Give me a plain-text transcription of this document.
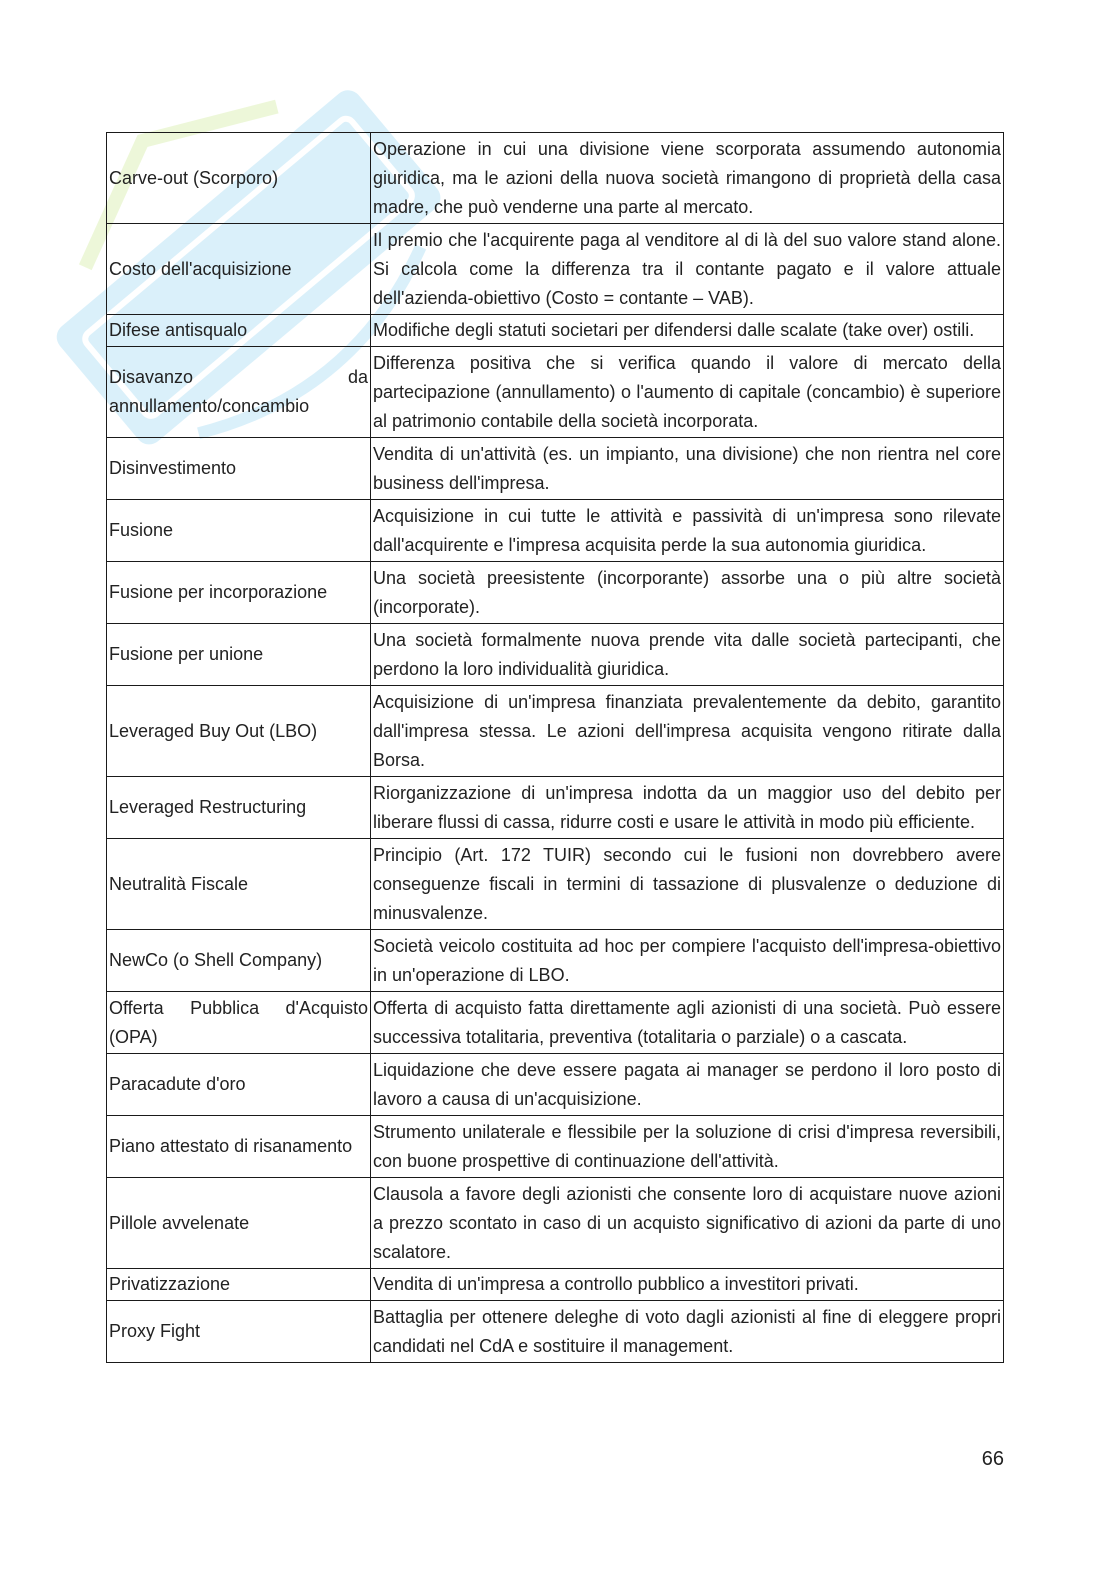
Carve-out (Scorporo)	Operazione in cui una divisione viene scorporata assumendo autonomia giuridica, ma le azioni della nuova società rimangono di proprietà della casa madre, che può venderne una parte al mercato.
Costo dell'acquisizione	Il premio che l'acquirente paga al venditore al di là del suo valore stand alone. Si calcola come la differenza tra il contante pagato e il valore attuale dell'azienda-obiettivo (Costo = contante – VAB).
Difese antisqualo	Modifiche degli statuti societari per difendersi dalle scalate (take over) ostili.
Disavanzo da annullamento/concambio	Differenza positiva che si verifica quando il valore di mercato della partecipazione (annullamento) o l'aumento di capitale (concambio) è superiore al patrimonio contabile della società incorporata.
Disinvestimento	Vendita di un'attività (es. un impianto, una divisione) che non rientra nel core business dell'impresa.
Fusione	Acquisizione in cui tutte le attività e passività di un'impresa sono rilevate dall'acquirente e l'impresa acquisita perde la sua autonomia giuridica.
Fusione per incorporazione	Una società preesistente (incorporante) assorbe una o più altre società (incorporate).
Fusione per unione	Una società formalmente nuova prende vita dalle società partecipanti, che perdono la loro individualità giuridica.
Leveraged Buy Out (LBO)	Acquisizione di un'impresa finanziata prevalentemente da debito, garantito dall'impresa stessa. Le azioni dell'impresa acquisita vengono ritirate dalla Borsa.
Leveraged Restructuring	Riorganizzazione di un'impresa indotta da un maggior uso del debito per liberare flussi di cassa, ridurre costi e usare le attività in modo più efficiente.
Neutralità Fiscale	Principio (Art. 172 TUIR) secondo cui le fusioni non dovrebbero avere conseguenze fiscali in termini di tassazione di plusvalenze o deduzione di minusvalenze.
NewCo (o Shell Company)	Società veicolo costituita ad hoc per compiere l'acquisto dell'impresa-obiettivo in un'operazione di LBO.
Offerta Pubblica d'Acquisto (OPA)	Offerta di acquisto fatta direttamente agli azionisti di una società. Può essere successiva totalitaria, preventiva (totalitaria o parziale) o a cascata.
Paracadute d'oro	Liquidazione che deve essere pagata ai manager se perdono il loro posto di lavoro a causa di un'acquisizione.
Piano attestato di risanamento	Strumento unilaterale e flessibile per la soluzione di crisi d'impresa reversibili, con buone prospettive di continuazione dell'attività.
Pillole avvelenate	Clausola a favore degli azionisti che consente loro di acquistare nuove azioni a prezzo scontato in caso di un acquisto significativo di azioni da parte di uno scalatore.
Privatizzazione	Vendita di un'impresa a controllo pubblico a investitori privati.
Proxy Fight	Battaglia per ottenere deleghe di voto dagli azionisti al fine di eleggere propri candidati nel CdA e sostituire il management.
66
